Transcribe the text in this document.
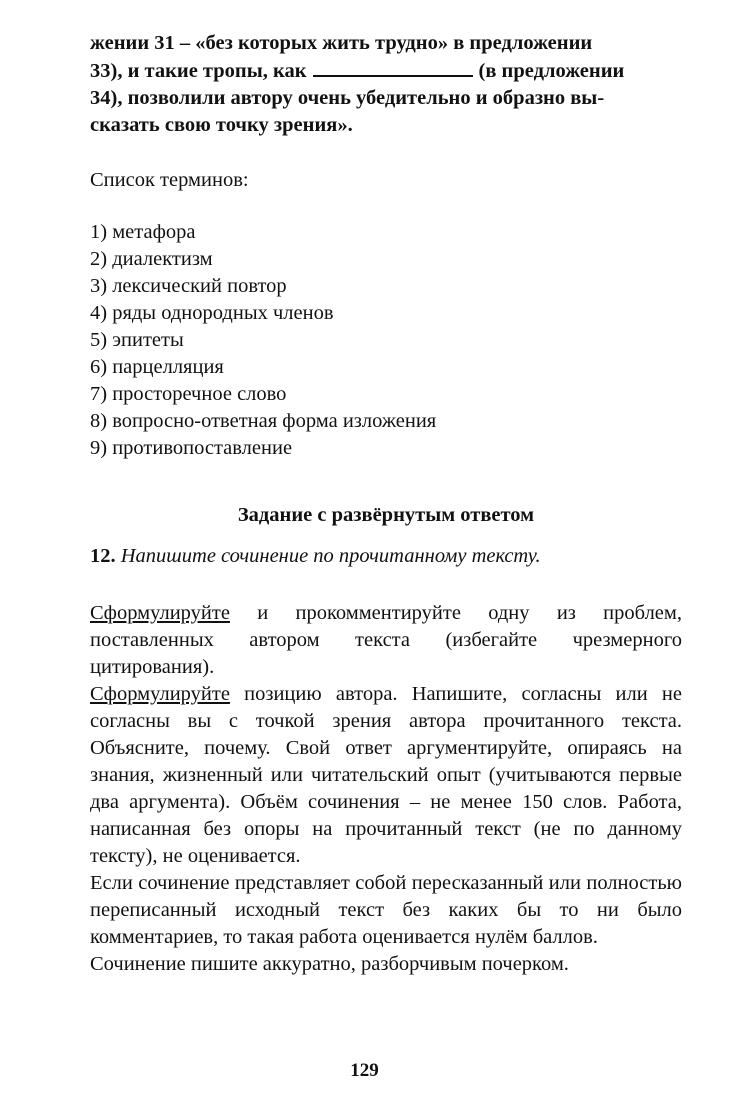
жении 31 – «без которых жить трудно» в предложении
33), и такие тропы, как	(в предложении
34), позволили автору очень убедительно и образно вы-
сказать свою точку зрения».
Список терминов:
1) метафора
2) диалектизм
3) лексический повтор
4) ряды однородных членов
5) эпитеты
6) парцелляция
7) просторечное слово
8) вопросно-ответная форма изложения
9) противопоставление
Задание с развёрнутым ответом
12. Напишите сочинение по прочитанному тексту.
Сформулируйте и прокомментируйте одну из проблем, поставленных автором текста (избегайте чрезмерного цитирования).
Сформулируйте позицию автора. Напишите, согласны или не согласны вы с точкой зрения автора прочитанного текста. Объясните, почему. Свой ответ аргументируйте, опираясь на знания, жизненный или читательский опыт (учитываются первые два аргумента). Объём сочинения – не менее 150 слов. Работа, написанная без опоры на прочитанный текст (не по данному тексту), не оценивается.
Если сочинение представляет собой пересказанный или полностью переписанный исходный текст без каких бы то ни было комментариев, то такая работа оценивается нулём баллов.
Сочинение пишите аккуратно, разборчивым почерком.
129
